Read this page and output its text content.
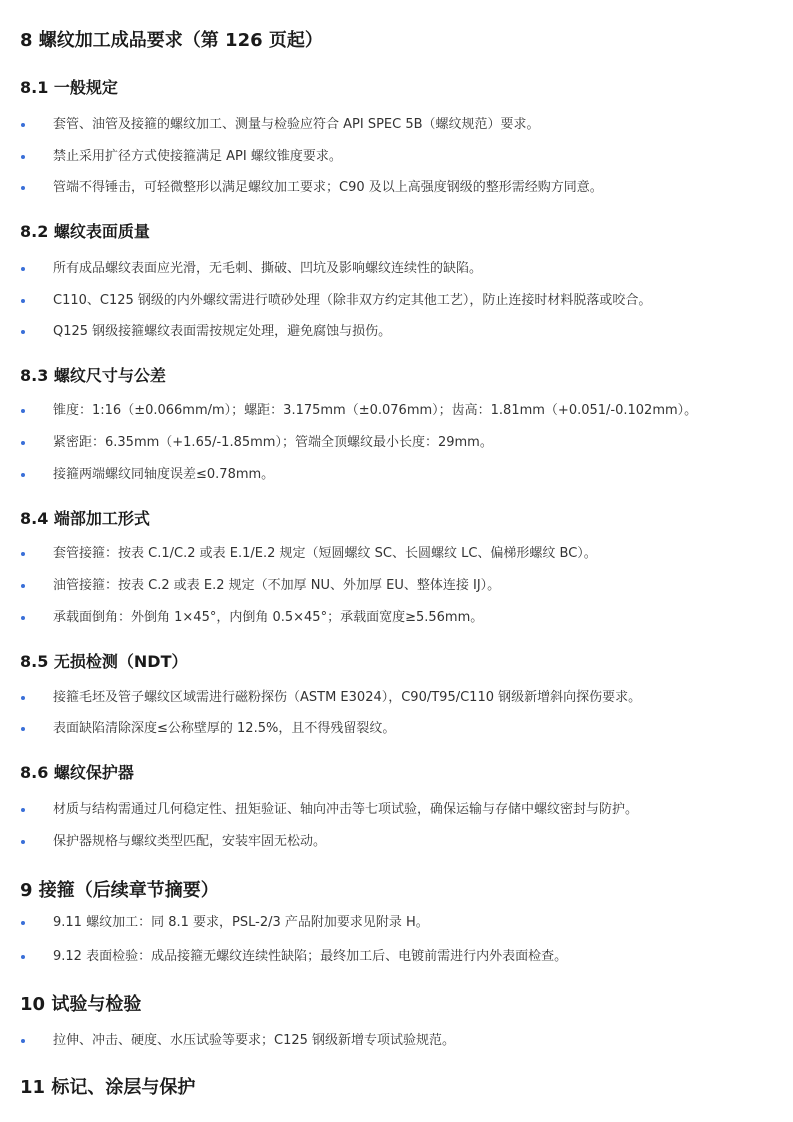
8 螺纹加工成品要求（第 126 页起）
8.1 一般规定
套管、油管及接箍的螺纹加工、测量与检验应符合 API SPEC 5B（螺纹规范）要求。
禁止采用扩径方式使接箍满足 API 螺纹锥度要求。
管端不得锤击，可轻微整形以满足螺纹加工要求；C90 及以上高强度钢级的整形需经购方同意。
8.2 螺纹表面质量
所有成品螺纹表面应光滑，无毛刺、撕破、凹坑及影响螺纹连续性的缺陷。
C110、C125 钢级的内外螺纹需进行喷砂处理（除非双方约定其他工艺），防止连接时材料脱落或咬合。
Q125 钢级接箍螺纹表面需按规定处理，避免腐蚀与损伤。
8.3 螺纹尺寸与公差
锥度：1:16（±0.066mm/m）；螺距：3.175mm（±0.076mm）；齿高：1.81mm（+0.051/-0.102mm）。
紧密距：6.35mm（+1.65/-1.85mm）；管端全顶螺纹最小长度：29mm。
接箍两端螺纹同轴度误差≤0.78mm。
8.4 端部加工形式
套管接箍：按表 C.1/C.2 或表 E.1/E.2 规定（短圆螺纹 SC、长圆螺纹 LC、偏梯形螺纹 BC）。
油管接箍：按表 C.2 或表 E.2 规定（不加厚 NU、外加厚 EU、整体连接 IJ）。
承载面倒角：外倒角 1×45°，内倒角 0.5×45°；承载面宽度≥5.56mm。
8.5 无损检测（NDT）
接箍毛坯及管子螺纹区域需进行磁粉探伤（ASTM E3024），C90/T95/C110 钢级新增斜向探伤要求。
表面缺陷清除深度≤公称壁厚的 12.5%，且不得残留裂纹。
8.6 螺纹保护器
材质与结构需通过几何稳定性、扭矩验证、轴向冲击等七项试验，确保运输与存储中螺纹密封与防护。
保护器规格与螺纹类型匹配，安装牢固无松动。
9 接箍（后续章节摘要）
9.11 螺纹加工：同 8.1 要求，PSL-2/3 产品附加要求见附录 H。
9.12 表面检验：成品接箍无螺纹连续性缺陷；最终加工后、电镀前需进行内外表面检查。
10 试验与检验
拉伸、冲击、硬度、水压试验等要求；C125 钢级新增专项试验规范。
11 标记、涂层与保护
